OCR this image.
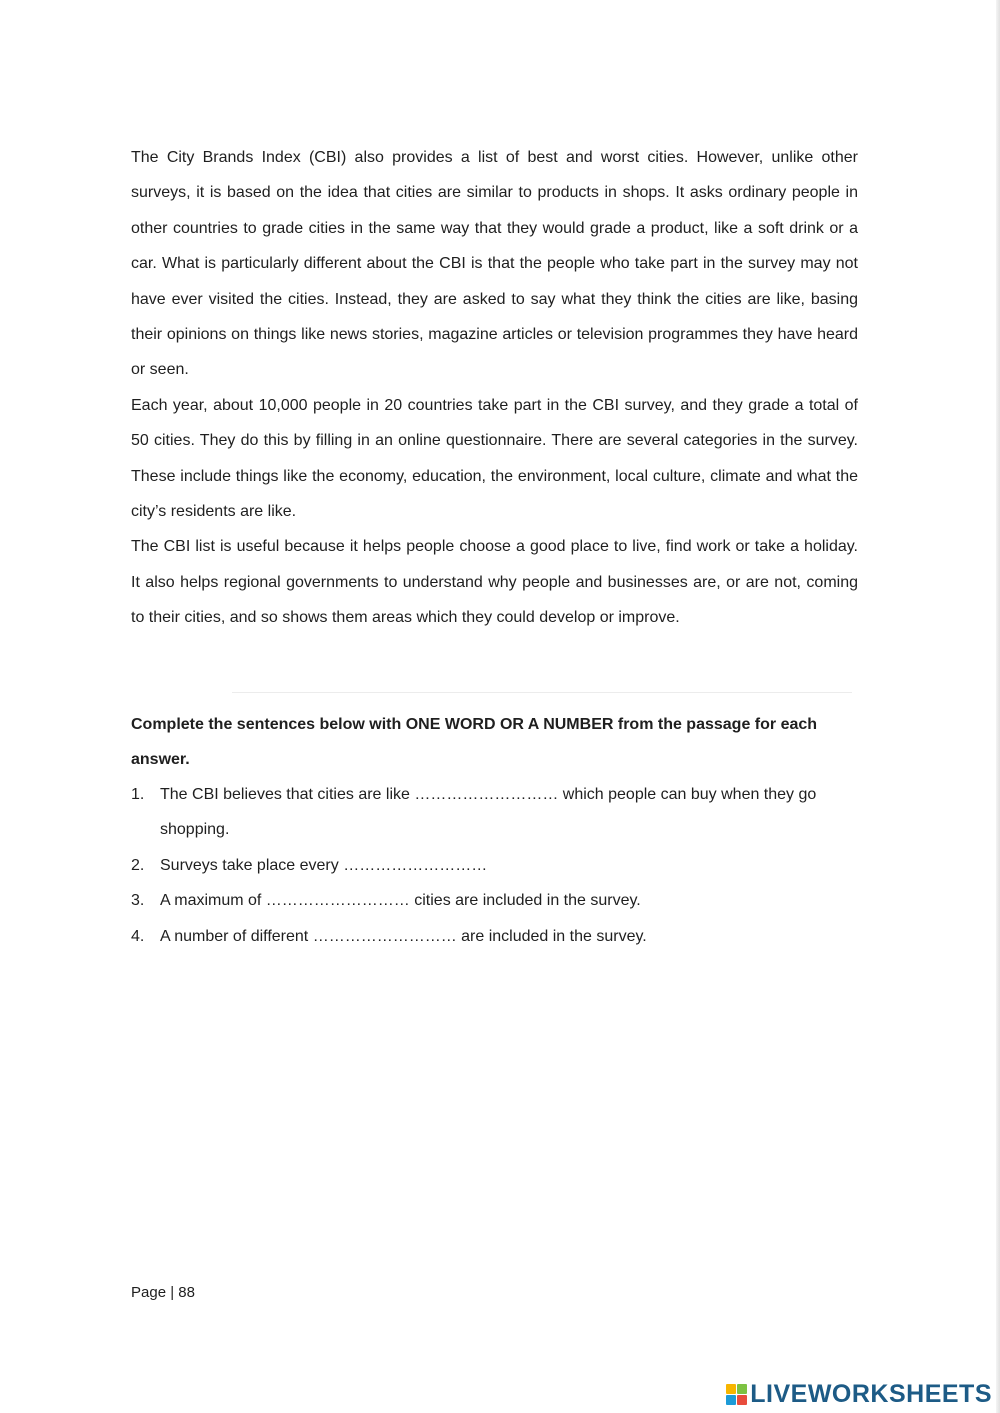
The City Brands Index (CBI) also provides a list of best and worst cities. However, unlike other surveys, it is based on the idea that cities are similar to products in shops. It asks ordinary people in other countries to grade cities in the same way that they would grade a product, like a soft drink or a car. What is particularly different about the CBI is that the people who take part in the survey may not have ever visited the cities. Instead, they are asked to say what they think the cities are like, basing their opinions on things like news stories, magazine articles or television programmes they have heard or seen.

Each year, about 10,000 people in 20 countries take part in the CBI survey, and they grade a total of 50 cities. They do this by filling in an online questionnaire. There are several categories in the survey. These include things like the economy, education, the environment, local culture, climate and what the city’s residents are like.

The CBI list is useful because it helps people choose a good place to live, find work or take a holiday. It also helps regional governments to understand why people and businesses are, or are not, coming to their cities, and so shows them areas which they could develop or improve.

Complete the sentences below with ONE WORD OR A NUMBER from the passage for each answer.
1. The CBI believes that cities are like ……………………… which people can buy when they go shopping.
2. Surveys take place every ………………………
3. A maximum of ……………………… cities are included in the survey.
4. A number of different ……………………… are included in the survey.
Page | 88
LIVEWORKSHEETS
